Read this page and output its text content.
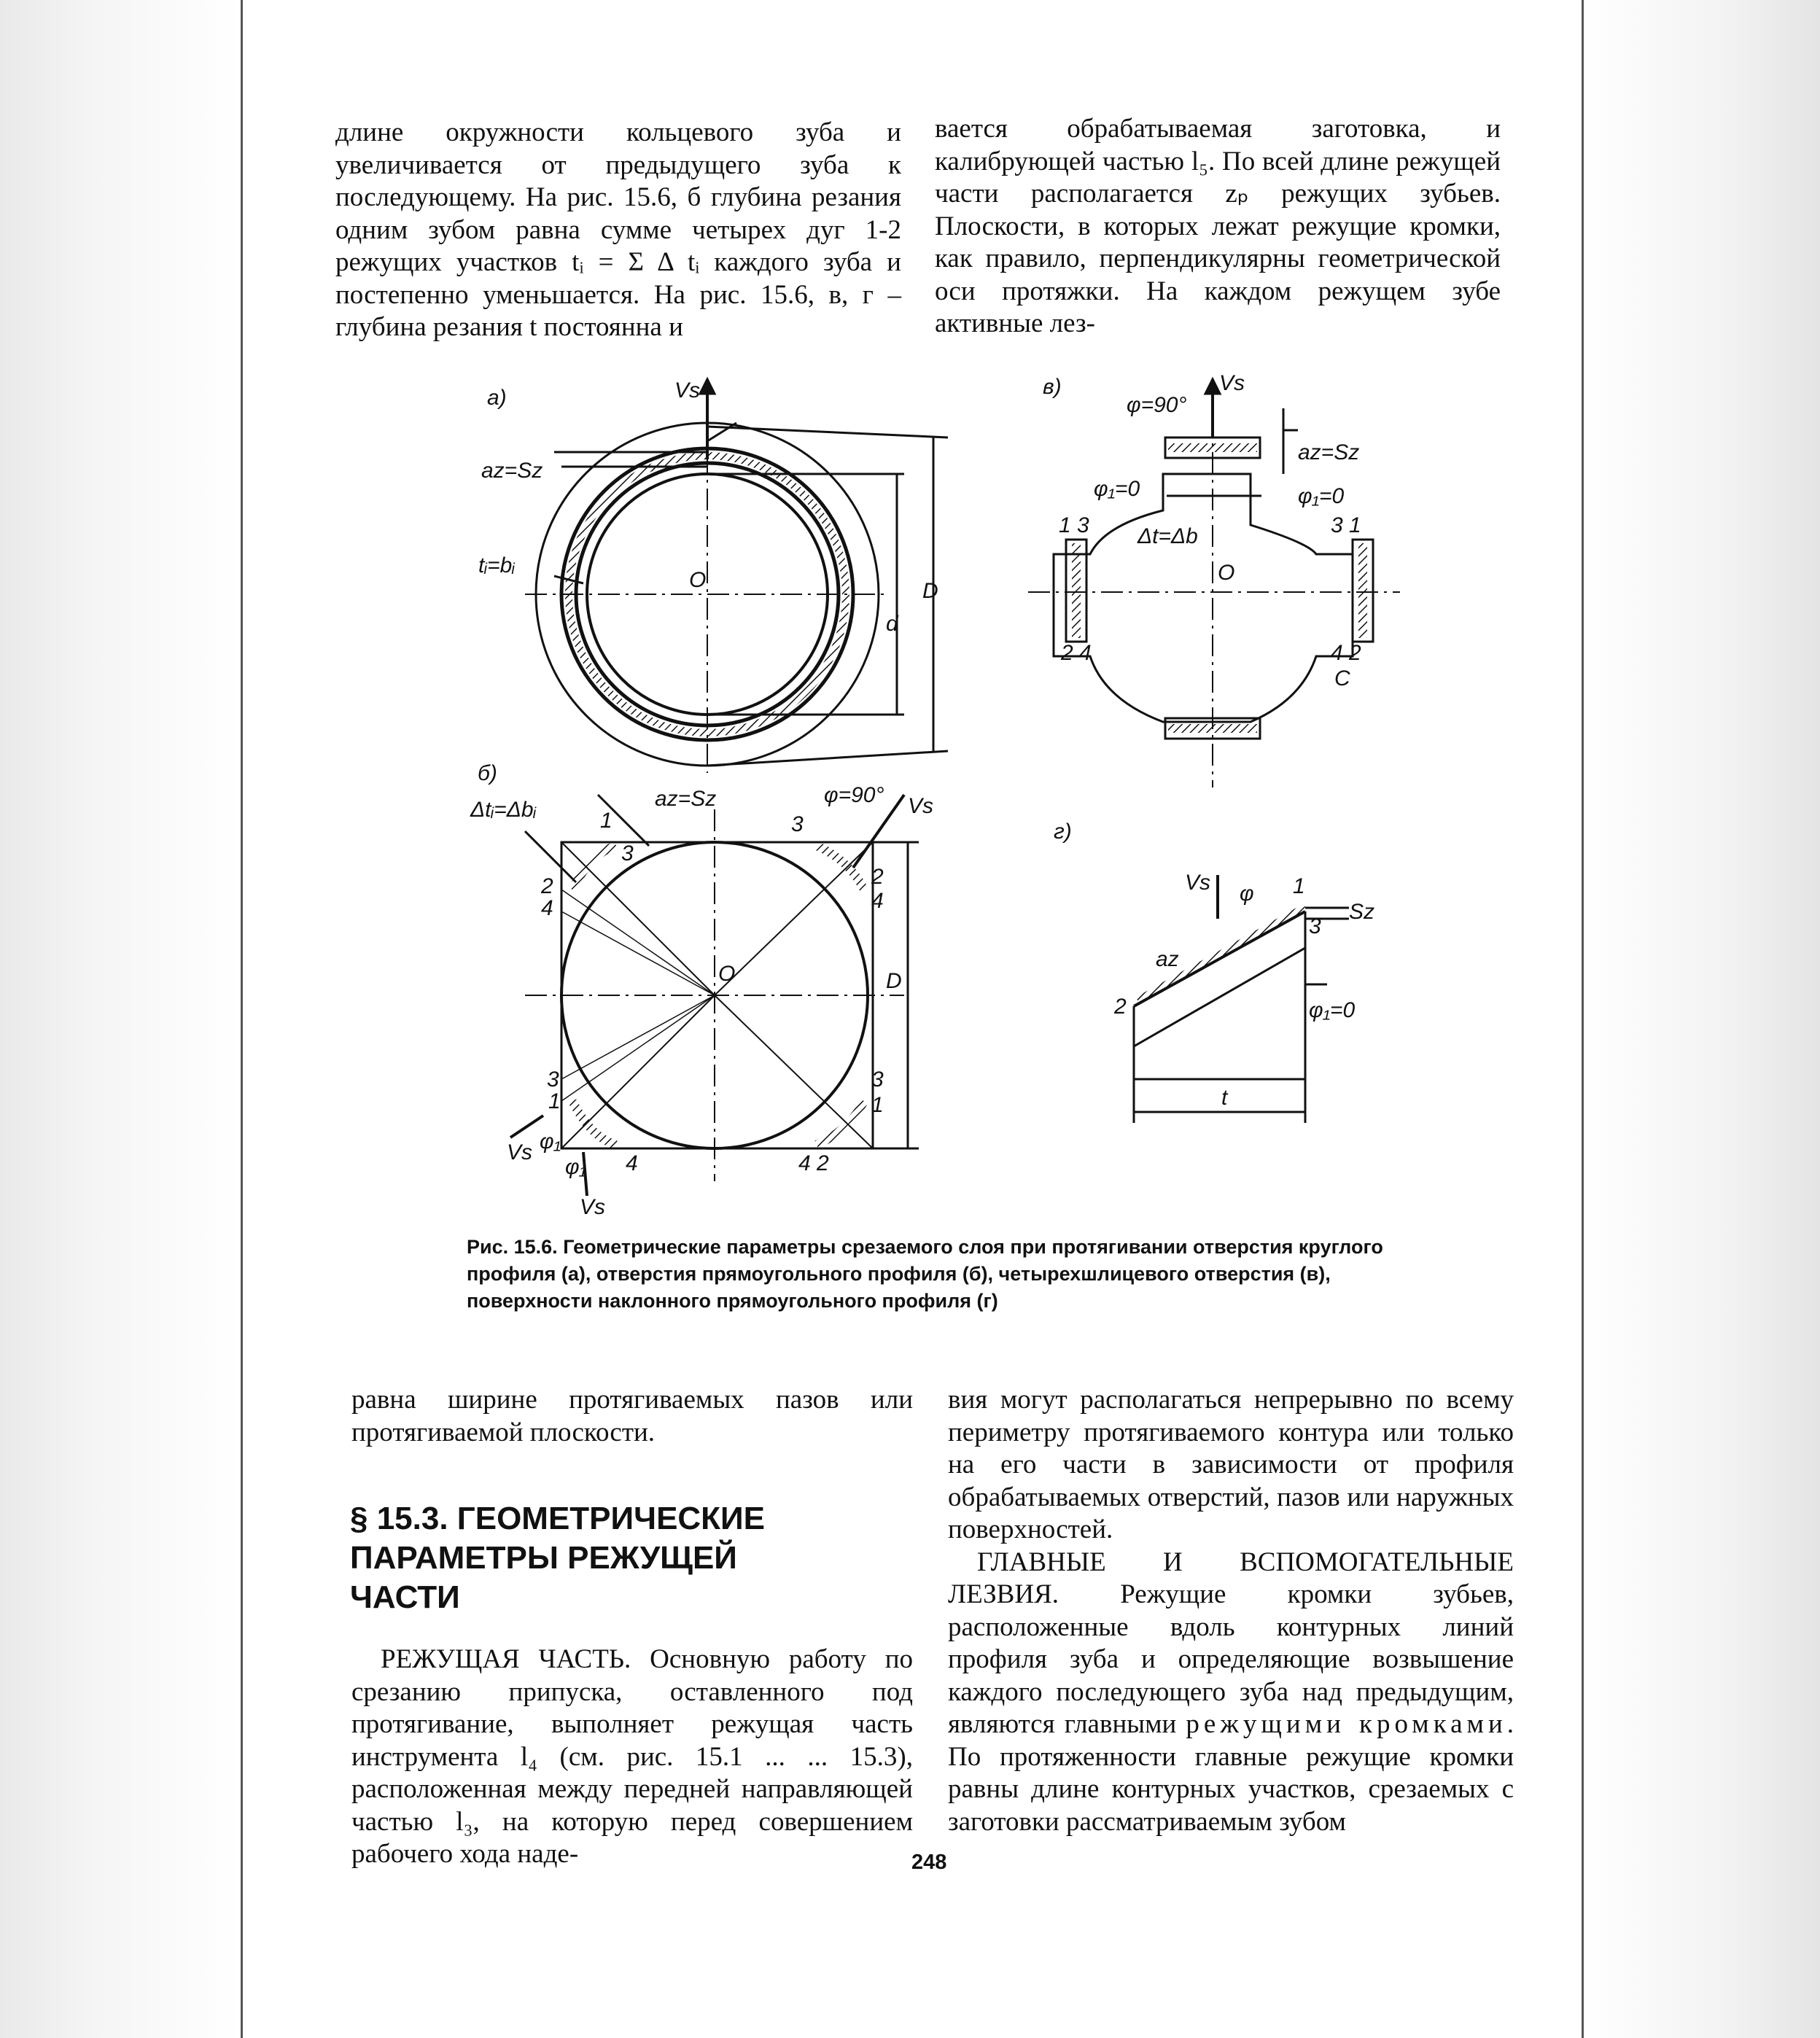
длине окружности кольцевого зуба и увеличивается от предыдущего зуба к последующему. На рис. 15.6, б глубина резания одним зубом равна сумме четырех дуг 1-2 режущих участков tᵢ = Σ Δ tᵢ каждого зуба и постепенно уменьшается. На рис. 15.6, в, г – глубина резания t постоянна и

вается обрабатываемая заготовка, и калибрующей частью l₅. По всей длине режущей части располагается zₚ режущих зубьев. Плоскости, в которых лежат режущие кромки, как правило, перпендикулярны геометрической оси протяжки. На каждом режущем зубе активные лез-

а)	Vs
az=Sz
tᵢ=bᵢ
O
d
D
в)
φ=90°
Vs
az=Sz
φ₁=0	φ₁=0
Δt=Δb
1 3	3 1
2 4	4 2
O
C
б)
Δtᵢ=Δbᵢ	az=Sz	φ=90° Vs
O	D
Vs
Vs
φ₁
φ₁
1
3
2
4
3
2
4
3
1
4	4 2
3
1
г)
Vs φ 1
3
Sz
az
2	φ₁=0
t
Рис. 15.6. Геометрические параметры срезаемого слоя при протягивании отверстия круглого профиля (а), отверстия прямоугольного профиля (б), четырехшлицевого отверстия (в), поверхности наклонного прямоугольного профиля (г)

равна ширине протягиваемых пазов или протягиваемой плоскости.

§ 15.3. ГЕОМЕТРИЧЕСКИЕ ПАРАМЕТРЫ РЕЖУЩЕЙ ЧАСТИ

РЕЖУЩАЯ ЧАСТЬ. Основную работу по срезанию припуска, оставленного под протягивание, выполняет режущая часть инструмента l₄ (см. рис. 15.1 ... ... 15.3), расположенная между передней направляющей частью l₃, на которую перед совершением рабочего хода наде-

вия могут располагаться непрерывно по всему периметру протягиваемого контура или только на его части в зависимости от профиля обрабатываемых отверстий, пазов или наружных поверхностей.

ГЛАВНЫЕ И ВСПОМОГАТЕЛЬНЫЕ ЛЕЗВИЯ. Режущие кромки зубьев, расположенные вдоль контурных линий профиля зуба и определяющие возвышение каждого последующего зуба над предыдущим, являются главными режущими кромками. По протяженности главные режущие кромки равны длине контурных участков, срезаемых с заготовки рассматриваемым зубом

248
